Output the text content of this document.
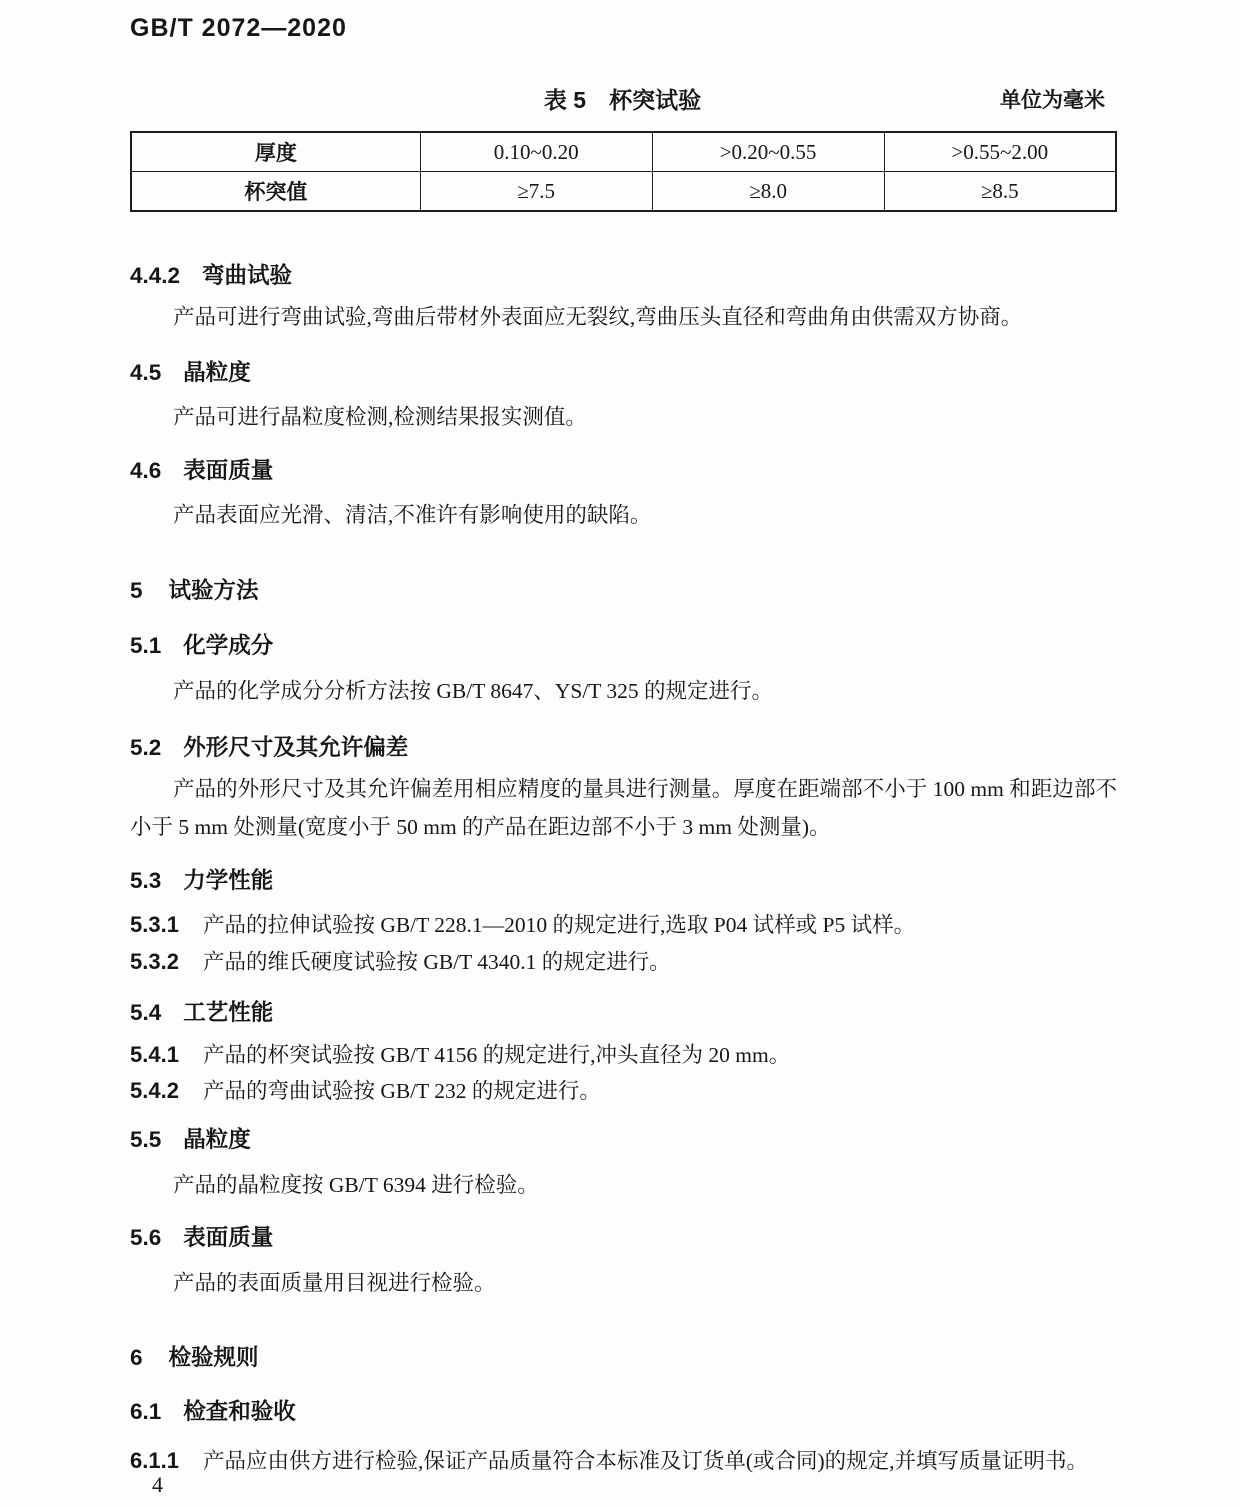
GB/T 2072—2020
表 5　杯突试验	单位为毫米
厚度	0.10~0.20	>0.20~0.55	>0.55~2.00
杯突值	≥7.5	≥8.0	≥8.5
4.4.2 弯曲试验
产品可进行弯曲试验,弯曲后带材外表面应无裂纹,弯曲压头直径和弯曲角由供需双方协商。
4.5 晶粒度
产品可进行晶粒度检测,检测结果报实测值。
4.6 表面质量
产品表面应光滑、清洁,不准许有影响使用的缺陷。
5 试验方法
5.1 化学成分
产品的化学成分分析方法按 GB/T 8647、YS/T 325 的规定进行。
5.2 外形尺寸及其允许偏差
产品的外形尺寸及其允许偏差用相应精度的量具进行测量。厚度在距端部不小于 100 mm 和距边部不小于 5 mm 处测量(宽度小于 50 mm 的产品在距边部不小于 3 mm 处测量)。
5.3 力学性能
5.3.1 产品的拉伸试验按 GB/T 228.1—2010 的规定进行,选取 P04 试样或 P5 试样。
5.3.2 产品的维氏硬度试验按 GB/T 4340.1 的规定进行。
5.4 工艺性能
5.4.1 产品的杯突试验按 GB/T 4156 的规定进行,冲头直径为 20 mm。
5.4.2 产品的弯曲试验按 GB/T 232 的规定进行。
5.5 晶粒度
产品的晶粒度按 GB/T 6394 进行检验。
5.6 表面质量
产品的表面质量用目视进行检验。
6 检验规则
6.1 检查和验收
6.1.1 产品应由供方进行检验,保证产品质量符合本标准及订货单(或合同)的规定,并填写质量证明书。
4
